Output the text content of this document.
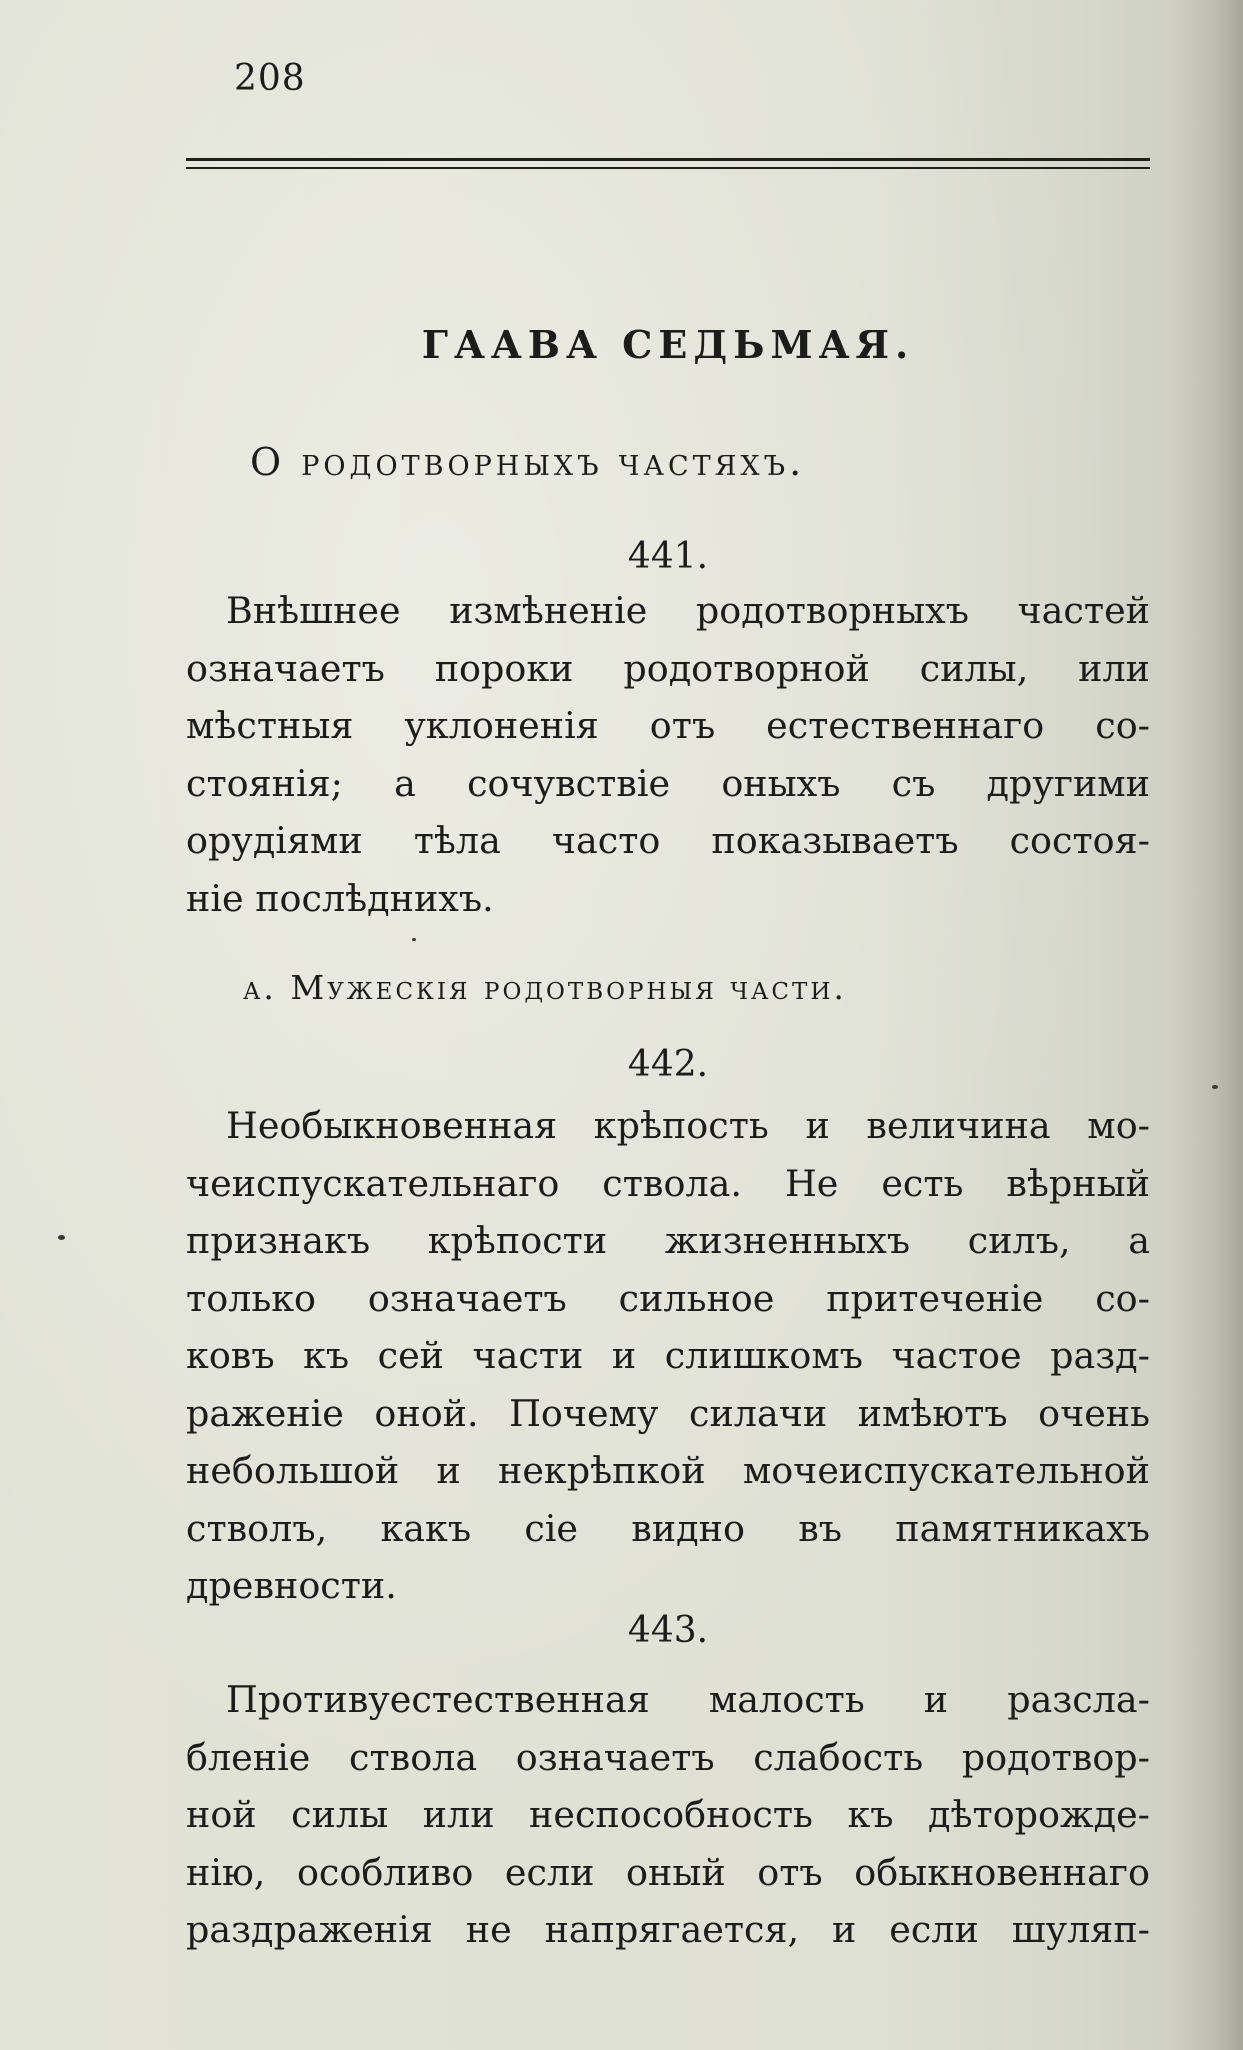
208
ГААВА СЕДЬМАЯ.
О родотворныхъ частяхъ.
441.
Внѣшнее измѣненіе родотворныхъ частей
означаетъ пороки родотворной силы, или
мѣстныя уклоненія отъ естественнаго со-
стоянія; а сочувствіе оныхъ съ другими
орудіями тѣла часто показываетъ состоя-
ніе послѣднихъ.
а. Мужескія родотворныя части.
442.
Необыкновенная крѣпость и величина мо-
чеиспускательнаго ствола. Не есть вѣрный
признакъ крѣпости жизненныхъ силъ, а
только означаетъ сильное притеченіе со-
ковъ къ сей части и слишкомъ частое разд-
раженіе оной. Почему силачи имѣютъ очень
небольшой и некрѣпкой мочеиспускательной
стволъ, какъ сіе видно въ памятникахъ
древности.
443.
Противуестественная малость и разсла-
бленіе ствола означаетъ слабость родотвор-
ной силы или неспособность къ дѣторожде-
нію, особливо если оный отъ обыкновеннаго
раздраженія не напрягается, и если шуляп-
